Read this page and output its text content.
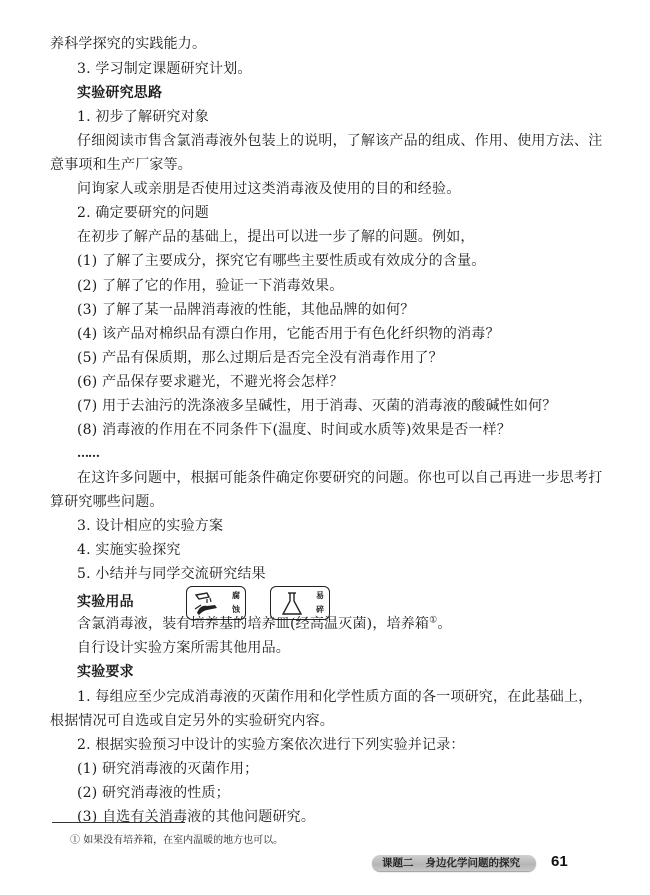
养科学探究的实践能力。
3. 学习制定课题研究计划。
实验研究思路
1. 初步了解研究对象
仔细阅读市售含氯消毒液外包装上的说明，了解该产品的组成、作用、使用方法、注
意事项和生产厂家等。
问询家人或亲朋是否使用过这类消毒液及使用的目的和经验。
2. 确定要研究的问题
在初步了解产品的基础上，提出可以进一步了解的问题。例如，
(1) 了解了主要成分，探究它有哪些主要性质或有效成分的含量。
(2) 了解了它的作用，验证一下消毒效果。
(3) 了解了某一品牌消毒液的性能，其他品牌的如何？
(4) 该产品对棉织品有漂白作用，它能否用于有色化纤织物的消毒？
(5) 产品有保质期，那么过期后是否完全没有消毒作用了？
(6) 产品保存要求避光，不避光将会怎样？
(7) 用于去油污的洗涤液多呈碱性，用于消毒、灭菌的消毒液的酸碱性如何？
(8) 消毒液的作用在不同条件下(温度、时间或水质等)效果是否一样？
……
在这许多问题中，根据可能条件确定你要研究的问题。你也可以自己再进一步思考打
算研究哪些问题。
3. 设计相应的实验方案
4. 实施实验探究
5. 小结并与同学交流研究结果
实验用品	腐
蚀
易
碎
含氯消毒液，装有培养基的培养皿(经高温灭菌)，培养箱①。
自行设计实验方案所需其他用品。
实验要求
1. 每组应至少完成消毒液的灭菌作用和化学性质方面的各一项研究，在此基础上，
根据情况可自选或自定另外的实验研究内容。
2. 根据实验预习中设计的实验方案依次进行下列实验并记录：
(1) 研究消毒液的灭菌作用；
(2) 研究消毒液的性质；
(3) 自选有关消毒液的其他问题研究。
① 如果没有培养箱，在室内温暖的地方也可以。
课题二 身边化学问题的探究 61
